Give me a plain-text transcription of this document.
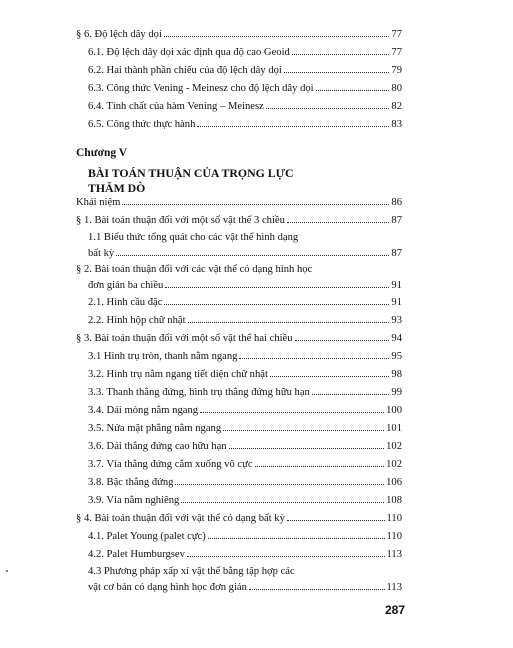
§ 6. Độ lệch dây dọi	77
6.1. Độ lệch dây dọi xác định qua độ cao Geoid	77
6.2. Hai thành phần chiếu của độ lệch dây dọi	79
6.3. Công thức Vening - Meinesz cho độ lệch dây dọi	80
6.4. Tính chất của hàm Vening – Meinesz	82
6.5. Công thức thực hành	83
Chương V
BÀI TOÁN THUẬN CỦA TRỌNG LỰC
THĂM DÒ
Khái niệm	86
§ 1. Bài toán thuận đối với một số vật thể 3 chiều	87
1.1 Biểu thức tổng quát cho các vật thể hình dạng
bất kỳ	87
§ 2. Bài toán thuận đối với các vật thể có dạng hình học
đơn giản ba chiều	91
2.1. Hình cầu đặc	91
2.2. Hình hộp chữ nhật	93
§ 3. Bài toán thuận đối với một số vật thể hai chiều	94
3.1 Hình trụ tròn, thanh nằm ngang	95
3.2. Hình trụ nằm ngang tiết diện chữ nhật	98
3.3. Thanh thẳng đứng, hình trụ thẳng đứng hữu hạn	99
3.4. Dải mỏng nằm ngang	100
3.5. Nửa mặt phẳng nằm ngang	101
3.6. Dải thẳng đứng cao hữu hạn	102
3.7. Vỉa thẳng đứng cắm xuống vô cực	102
3.8. Bậc thẳng đứng	106
3.9. Vỉa nằm nghiêng	108
§ 4. Bài toán thuận đối với vật thể có dạng bất kỳ	110
4.1. Palet Young (palet cực)	110
4.2. Palet Humburgsev	113
4.3 Phương pháp xấp xỉ vật thể bằng tập hợp các
vật cơ bản có dạng hình học đơn giản	113
287
